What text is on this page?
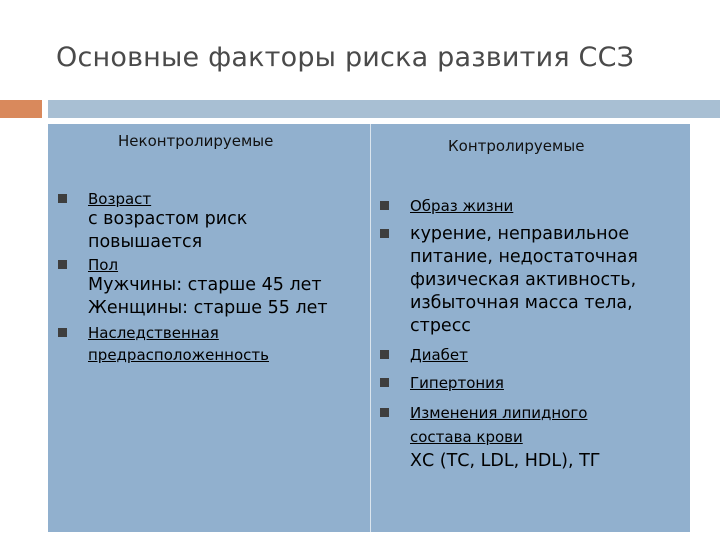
Основные факторы риска развития ССЗ
Неконтролируемые	Контролируемые
Возраст
с возрастом риск
повышается
Пол
Мужчины: старше 45 лет
Женщины: старше 55 лет
Наследственная
предрасположенность
Образ жизни
курение, неправильное
питание, недостаточная
физическая активность,
избыточная масса тела,
стресс
Диабет
Гипертония
Изменения липидного
состава крови
ХС (ТС, LDL, HDL), ТГ
